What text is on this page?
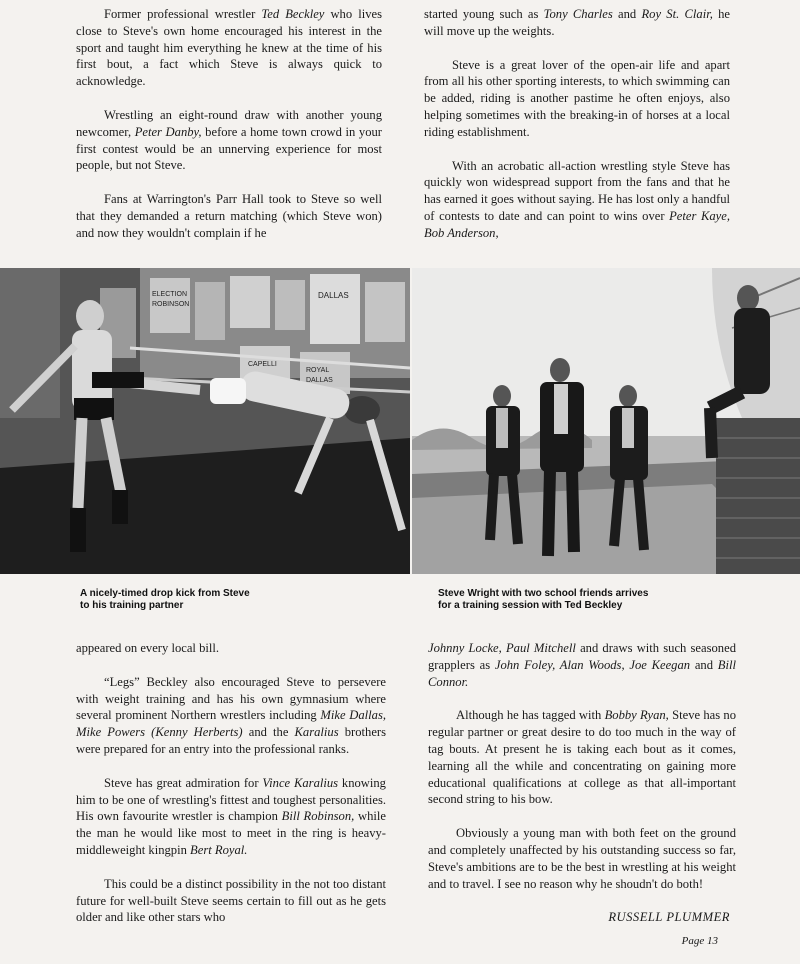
Former professional wrestler Ted Beckley who lives close to Steve's own home encouraged his interest in the sport and taught him everything he knew at the time of his first bout, a fact which Steve is always quick to acknowledge.

Wrestling an eight-round draw with another young newcomer, Peter Danby, before a home town crowd in your first contest would be an unnerving experience for most people, but not Steve.

Fans at Warrington's Parr Hall took to Steve so well that they demanded a return matching (which Steve won) and now they wouldn't complain if he

started young such as Tony Charles and Roy St. Clair, he will move up the weights.

Steve is a great lover of the open-air life and apart from all his other sporting interests, to which swimming can be added, riding is another pastime he often enjoys, also helping sometimes with the breaking-in of horses at a local riding establishment.

With an acrobatic all-action wrestling style Steve has quickly won widespread support from the fans and that he has earned it goes without saying. He has lost only a handful of contests to date and can point to wins over Peter Kaye, Bob Anderson,

ELECTION
ROBINSON
DALLAS
CAPELLI
ROYAL
DALLAS
A nicely-timed drop kick from Steve
to his training partner
Steve Wright with two school friends arrives
for a training session with Ted Beckley

appeared on every local bill.

“Legs” Beckley also encouraged Steve to persevere with weight training and has his own gymnasium where several prominent Northern wrestlers including Mike Dallas, Mike Powers (Kenny Herberts) and the Karalius brothers were prepared for an entry into the professional ranks.

Steve has great admiration for Vince Karalius knowing him to be one of wrestling's fittest and toughest personalities. His own favourite wrestler is champion Bill Robinson, while the man he would like most to meet in the ring is heavy-middleweight kingpin Bert Royal.

This could be a distinct possibility in the not too distant future for well-built Steve seems certain to fill out as he gets older and like other stars who

Johnny Locke, Paul Mitchell and draws with such seasoned grapplers as John Foley, Alan Woods, Joe Keegan and Bill Connor.

Although he has tagged with Bobby Ryan, Steve has no regular partner or great desire to do too much in the way of tag bouts. At present he is taking each bout as it comes, learning all the while and concentrating on gaining more educational qualifications at college as that all-important second string to his bow.

Obviously a young man with both feet on the ground and completely unaffected by his outstanding success so far, Steve's ambitions are to be the best in wrestling at his weight and to travel. I see no reason why he shoudn't do both!

RUSSELL PLUMMER
Page 13
